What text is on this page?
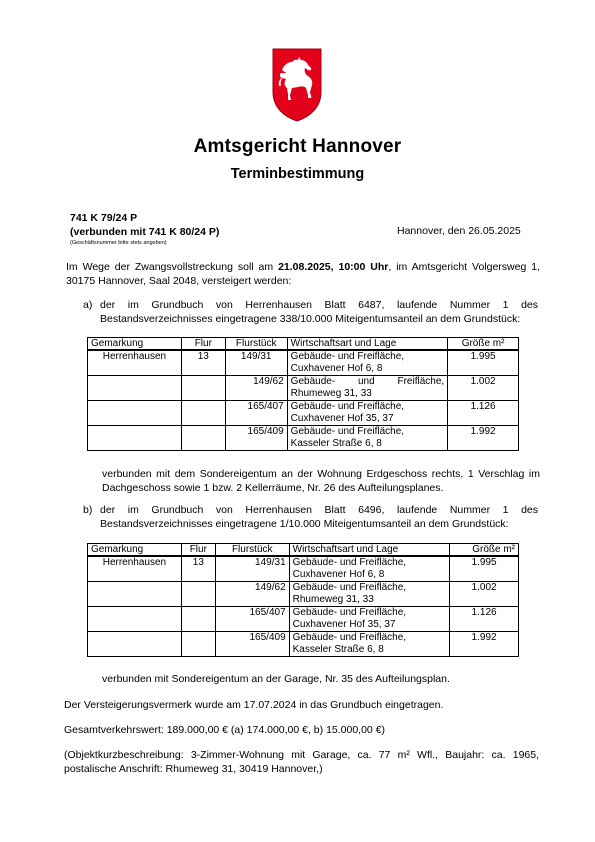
Amtsgericht Hannover
Terminbestimmung
741 K 79/24 P
(verbunden mit 741 K 80/24 P)
(Geschäftsnummer bitte stets angeben)
Hannover, den 26.05.2025
Im Wege der Zwangsvollstreckung soll am 21.08.2025, 10:00 Uhr, im Amtsgericht Volgersweg 1, 30175 Hannover, Saal 2048, versteigert werden:
a) der im Grundbuch von Herrenhausen Blatt 6487, laufende Nummer 1 des
Bestandsverzeichnisses eingetragene 338/10.000 Miteigentumsanteil an dem Grundstück:
Gemarkung	Flur	Flurstück	Wirtschaftsart und Lage	Größe m²
Herrenhausen	13	149/31	Gebäude- und Freifläche,
Cuxhavener Hof 6, 8	1.995
		149/62	Gebäude- und Freifläche,
Rhumeweg 31, 33	1.002
		165/407	Gebäude- und Freifläche,
Cuxhavener Hof 35, 37	1.126
		165/409	Gebäude- und Freifläche,
Kasseler Straße 6, 8	1.992
verbunden mit dem Sondereigentum an der Wohnung Erdgeschoss rechts, 1 Verschlag im Dachgeschoss sowie 1 bzw. 2 Kellerräume, Nr. 26 des Aufteilungsplanes.
b) der im Grundbuch von Herrenhausen Blatt 6496, laufende Nummer 1 des
Bestandsverzeichnisses eingetragene 1/10.000 Miteigentumsanteil an dem Grundstück:
Gemarkung	Flur	Flurstück	Wirtschaftsart und Lage	Größe m²
Herrenhausen	13	149/31	Gebäude- und Freifläche,
Cuxhavener Hof 6, 8	1.995
		149/62	Gebäude- und Freifläche,
Rhumeweg 31, 33	1.002
		165/407	Gebäude- und Freifläche,
Cuxhavener Hof 35, 37	1.126
		165/409	Gebäude- und Freifläche,
Kasseler Straße 6, 8	1.992
verbunden mit Sondereigentum an der Garage, Nr. 35 des Aufteilungsplan.
Der Versteigerungsvermerk wurde am 17.07.2024 in das Grundbuch eingetragen.
Gesamtverkehrswert: 189.000,00 € (a) 174.000,00 €, b) 15.000,00 €)
(Objektkurzbeschreibung: 3-Zimmer-Wohnung mit Garage, ca. 77 m² Wfl., Baujahr: ca. 1965,
postalische Anschrift: Rhumeweg 31, 30419 Hannover,)
